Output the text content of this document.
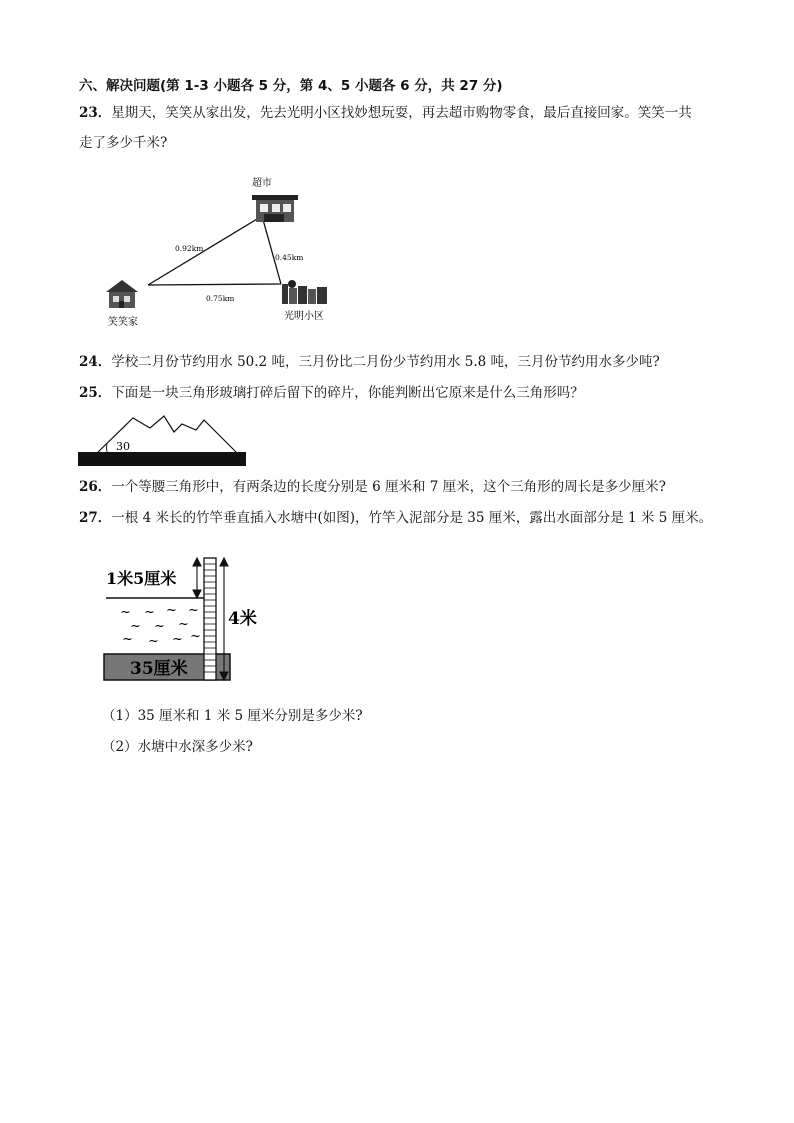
六、解决问题(第 1-3 小题各 5 分，第 4、5 小题各 6 分，共 27 分)
23．星期天，笑笑从家出发，先去光明小区找妙想玩耍，再去超市购物零食，最后直接回家。笑笑一共
走了多少千米?
超市
0.92km
0.45km
0.75km
笑笑家
光明小区
24．学校二月份节约用水 50.2 吨，三月份比二月份少节约用水 5.8 吨，三月份节约用水多少吨?
25．下面是一块三角形玻璃打碎后留下的碎片，你能判断出它原来是什么三角形吗？
30
26．一个等腰三角形中，有两条边的长度分别是 6 厘米和 7 厘米，这个三角形的周长是多少厘米?
27．一根 4 米长的竹竿垂直插入水塘中(如图)，竹竿入泥部分是 35 厘米，露出水面部分是 1 米 5 厘米。
~ ~ ~ ~
~ ~ ~
~ ~ ~ ~
35厘米
1米5厘米
4米
（1）35 厘米和 1 米 5 厘米分别是多少米?
（2）水塘中水深多少米?
